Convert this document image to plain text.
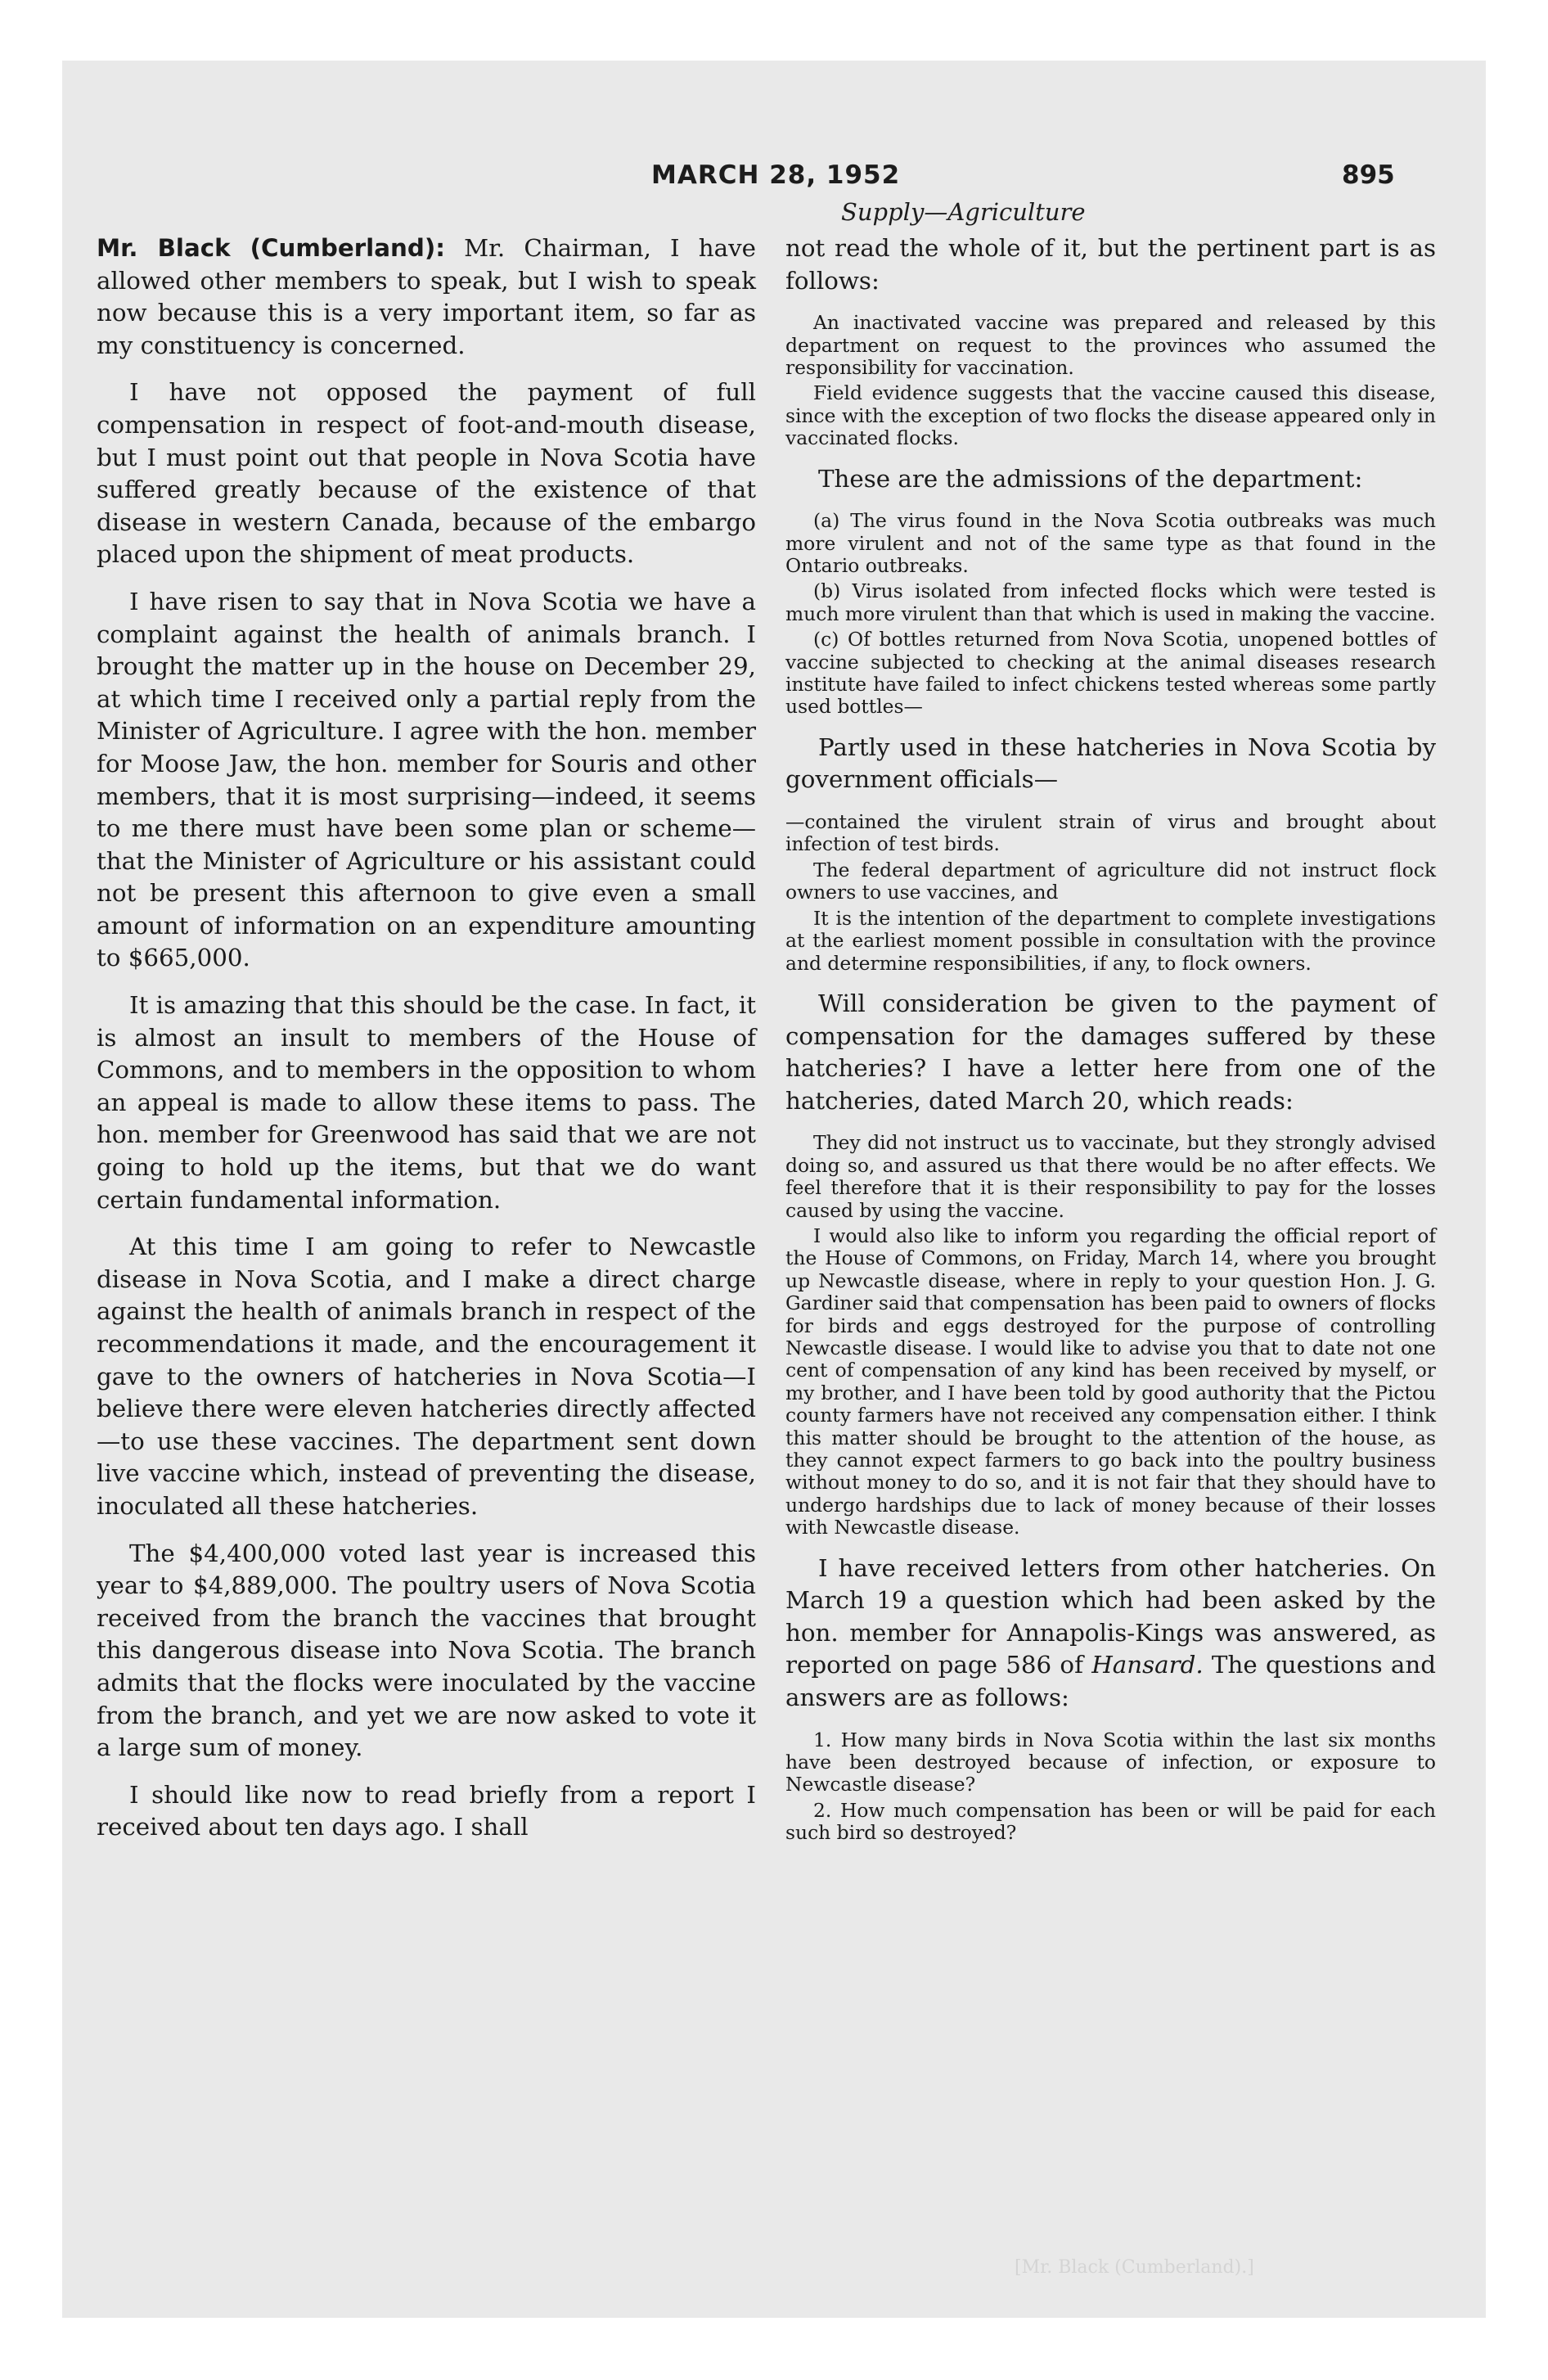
MARCH 28, 1952	895
Supply—Agriculture

Mr. Black (Cumberland): Mr. Chairman, I have allowed other members to speak, but I wish to speak now because this is a very important item, so far as my constituency is concerned.

I have not opposed the payment of full compensation in respect of foot-and-mouth disease, but I must point out that people in Nova Scotia have suffered greatly because of the existence of that disease in western Canada, because of the embargo placed upon the shipment of meat products.

I have risen to say that in Nova Scotia we have a complaint against the health of animals branch. I brought the matter up in the house on December 29, at which time I received only a partial reply from the Minister of Agriculture. I agree with the hon. member for Moose Jaw, the hon. member for Souris and other members, that it is most surprising—indeed, it seems to me there must have been some plan or scheme—that the Minister of Agriculture or his assistant could not be present this afternoon to give even a small amount of information on an expenditure amounting to $665,000.

It is amazing that this should be the case. In fact, it is almost an insult to members of the House of Commons, and to members in the opposition to whom an appeal is made to allow these items to pass. The hon. member for Greenwood has said that we are not going to hold up the items, but that we do want certain fundamental information.

At this time I am going to refer to Newcastle disease in Nova Scotia, and I make a direct charge against the health of animals branch in respect of the recommendations it made, and the encouragement it gave to the owners of hatcheries in Nova Scotia—I believe there were eleven hatcheries directly affected—to use these vaccines. The department sent down live vaccine which, instead of preventing the disease, inoculated all these hatcheries.

The $4,400,000 voted last year is increased this year to $4,889,000. The poultry users of Nova Scotia received from the branch the vaccines that brought this dangerous disease into Nova Scotia. The branch admits that the flocks were inoculated by the vaccine from the branch, and yet we are now asked to vote it a large sum of money.

I should like now to read briefly from a report I received about ten days ago. I shall

not read the whole of it, but the pertinent part is as follows:

An inactivated vaccine was prepared and released by this department on request to the provinces who assumed the responsibility for vaccination.

Field evidence suggests that the vaccine caused this disease, since with the exception of two flocks the disease appeared only in vaccinated flocks.

These are the admissions of the department:

(a) The virus found in the Nova Scotia outbreaks was much more virulent and not of the same type as that found in the Ontario outbreaks.

(b) Virus isolated from infected flocks which were tested is much more virulent than that which is used in making the vaccine.

(c) Of bottles returned from Nova Scotia, unopened bottles of vaccine subjected to checking at the animal diseases research institute have failed to infect chickens tested whereas some partly used bottles—

Partly used in these hatcheries in Nova Scotia by government officials—

—contained the virulent strain of virus and brought about infection of test birds.

The federal department of agriculture did not instruct flock owners to use vaccines, and

It is the intention of the department to complete investigations at the earliest moment possible in consultation with the province and determine responsibilities, if any, to flock owners.

Will consideration be given to the payment of compensation for the damages suffered by these hatcheries? I have a letter here from one of the hatcheries, dated March 20, which reads:

They did not instruct us to vaccinate, but they strongly advised doing so, and assured us that there would be no after effects. We feel therefore that it is their responsibility to pay for the losses caused by using the vaccine.

I would also like to inform you regarding the official report of the House of Commons, on Friday, March 14, where you brought up Newcastle disease, where in reply to your question Hon. J. G. Gardiner said that compensation has been paid to owners of flocks for birds and eggs destroyed for the purpose of controlling Newcastle disease. I would like to advise you that to date not one cent of compensation of any kind has been received by myself, or my brother, and I have been told by good authority that the Pictou county farmers have not received any compensation either. I think this matter should be brought to the attention of the house, as they cannot expect farmers to go back into the poultry business without money to do so, and it is not fair that they should have to undergo hardships due to lack of money because of their losses with Newcastle disease.

I have received letters from other hatcheries. On March 19 a question which had been asked by the hon. member for Annapolis-Kings was answered, as reported on page 586 of Hansard. The questions and answers are as follows:

1. How many birds in Nova Scotia within the last six months have been destroyed because of infection, or exposure to Newcastle disease?

2. How much compensation has been or will be paid for each such bird so destroyed?

[Mr. Black (Cumberland).]
